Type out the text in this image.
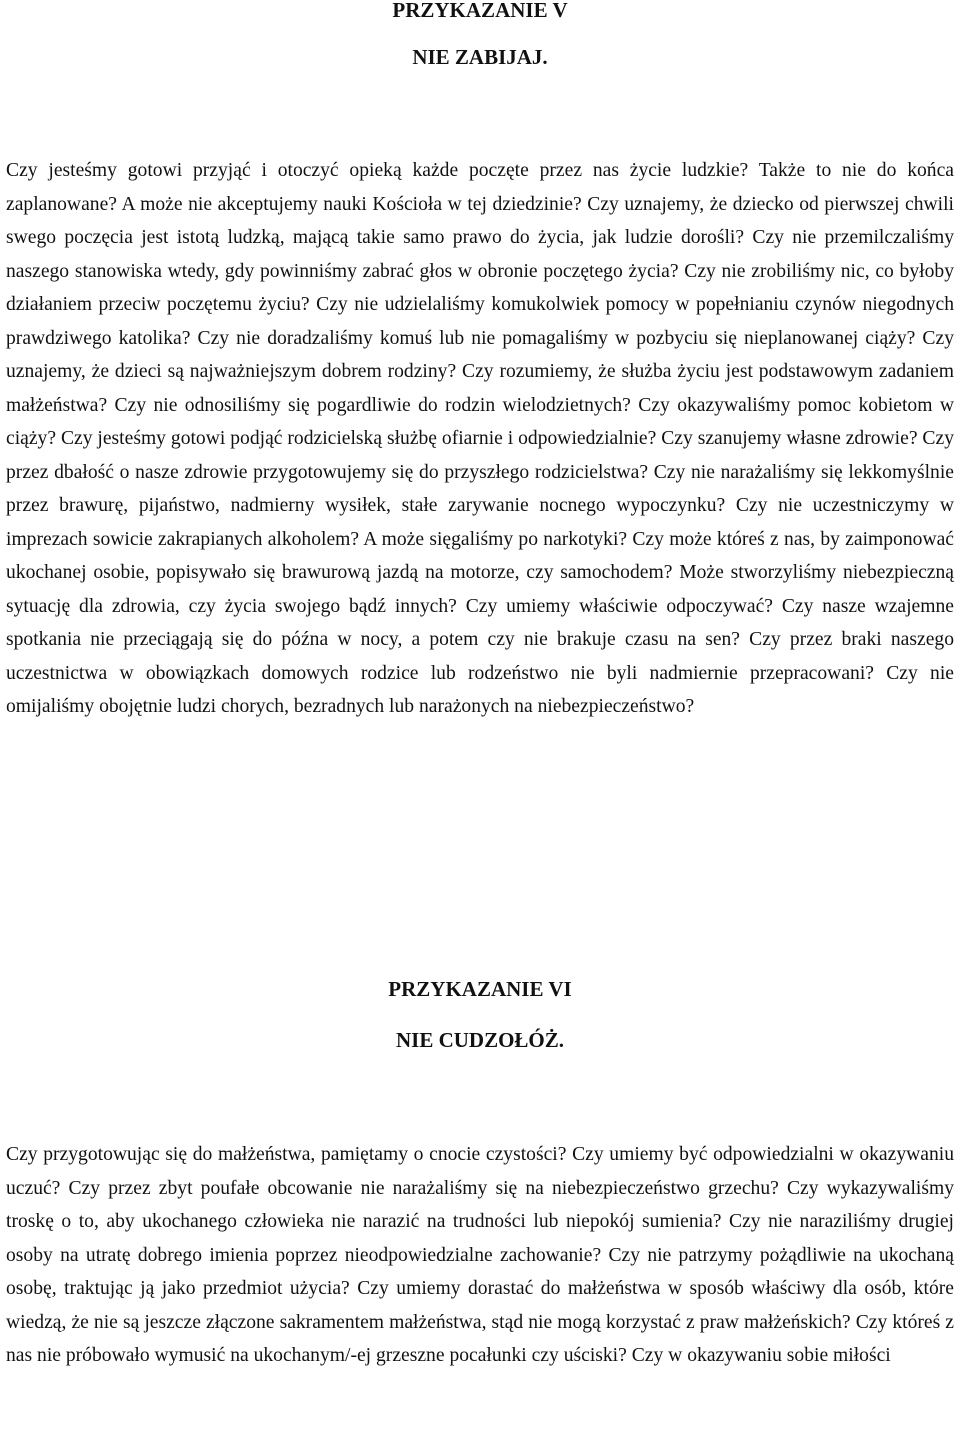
PRZYKAZANIE V
NIE ZABIJAJ.

Czy jesteśmy gotowi przyjąć i otoczyć opieką każde poczęte przez nas życie ludzkie? Także to nie do końca zaplanowane? A może nie akceptujemy nauki Kościoła w tej dziedzinie? Czy uznajemy, że dziecko od pierwszej chwili swego poczęcia jest istotą ludzką, mającą takie samo prawo do życia, jak ludzie dorośli? Czy nie przemilczaliśmy naszego stanowiska wtedy, gdy powinniśmy zabrać głos w obronie poczętego życia? Czy nie zrobiliśmy nic, co byłoby działaniem przeciw poczętemu życiu? Czy nie udzielaliśmy komukolwiek pomocy w popełnianiu czynów niegodnych prawdziwego katolika? Czy nie doradzaliśmy komuś lub nie pomagaliśmy w pozbyciu się nieplanowanej ciąży? Czy uznajemy, że dzieci są najważniejszym dobrem rodziny? Czy rozumiemy, że służba życiu jest podstawowym zadaniem małżeństwa? Czy nie odnosiliśmy się pogardliwie do rodzin wielodzietnych? Czy okazywaliśmy pomoc kobietom w ciąży? Czy jesteśmy gotowi podjąć rodzicielską służbę ofiarnie i odpowiedzialnie? Czy szanujemy własne zdrowie? Czy przez dbałość o nasze zdrowie przygotowujemy się do przyszłego rodzicielstwa? Czy nie narażaliśmy się lekkomyślnie przez brawurę, pijaństwo, nadmierny wysiłek, stałe zarywanie nocnego wypoczynku? Czy nie uczestniczymy w imprezach sowicie zakrapianych alkoholem? A może sięgaliśmy po narkotyki? Czy może któreś z nas, by zaimponować ukochanej osobie, popisywało się brawurową jazdą na motorze, czy samochodem? Może stworzyliśmy niebezpieczną sytuację dla zdrowia, czy życia swojego bądź innych? Czy umiemy właściwie odpoczywać? Czy nasze wzajemne spotkania nie przeciągają się do późna w nocy, a potem czy nie brakuje czasu na sen? Czy przez braki naszego uczestnictwa w obowiązkach domowych rodzice lub rodzeństwo nie byli nadmiernie przepracowani? Czy nie omijaliśmy obojętnie ludzi chorych, bezradnych lub narażonych na niebezpieczeństwo?

PRZYKAZANIE VI
NIE CUDZOŁÓŻ.

Czy przygotowując się do małżeństwa, pamiętamy o cnocie czystości? Czy umiemy być odpowiedzialni w okazywaniu uczuć? Czy przez zbyt poufałe obcowanie nie narażaliśmy się na niebezpieczeństwo grzechu? Czy wykazywaliśmy troskę o to, aby ukochanego człowieka nie narazić na trudności lub niepokój sumienia? Czy nie naraziliśmy drugiej osoby na utratę dobrego imienia poprzez nieodpowiedzialne zachowanie? Czy nie patrzymy pożądliwie na ukochaną osobę, traktując ją jako przedmiot użycia? Czy umiemy dorastać do małżeństwa w sposób właściwy dla osób, które wiedzą, że nie są jeszcze złączone sakramentem małżeństwa, stąd nie mogą korzystać z praw małżeńskich? Czy któreś z nas nie próbowało wymusić na ukochanym/-ej grzeszne pocałunki czy uściski? Czy w okazywaniu sobie miłości
